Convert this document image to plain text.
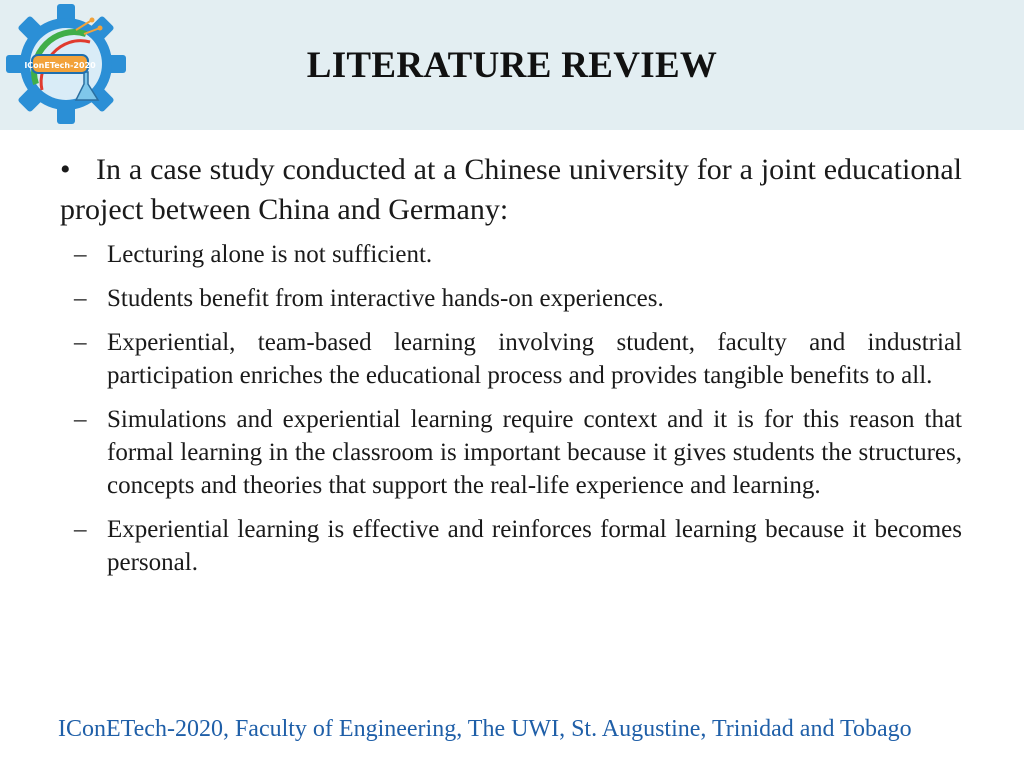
IConETech-2020	LITERATURE REVIEW

• In a case study conducted at a Chinese university for a joint educational project between China and Germany:

– Lecturing alone is not sufficient.
– Students benefit from interactive hands-on experiences.
– Experiential, team-based learning involving student, faculty and industrial participation enriches the educational process and provides tangible benefits to all.
– Simulations and experiential learning require context and it is for this reason that formal learning in the classroom is important because it gives students the structures, concepts and theories that support the real-life experience and learning.
– Experiential learning is effective and reinforces formal learning because it becomes personal.
IConETech-2020, Faculty of Engineering, The UWI, St. Augustine, Trinidad and Tobago
